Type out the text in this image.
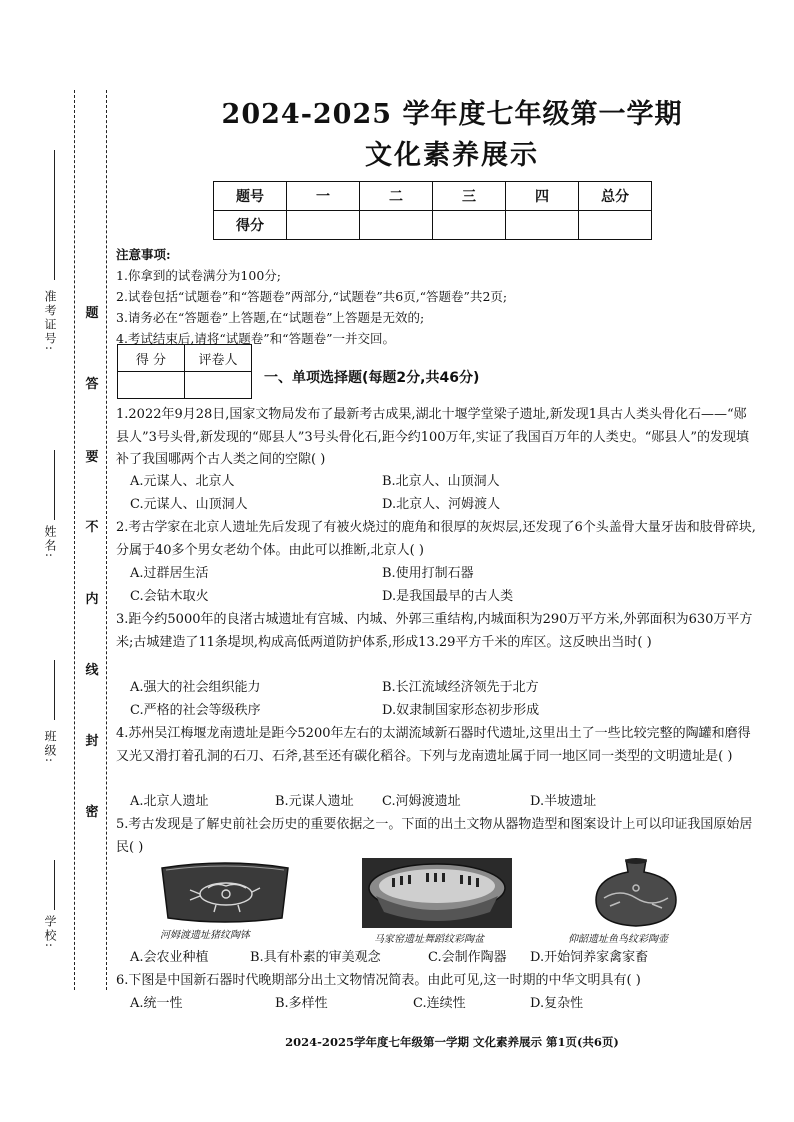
准考证号:
姓名:
班级:
学校:
题
答
要
不
内
线
封
密
2024-2025 学年度七年级第一学期
文化素养展示
题号	一	二	三	四	总分
得分					
注意事项:
1.你拿到的试卷满分为100分;
2.试卷包括“试题卷”和“答题卷”两部分,“试题卷”共6页,“答题卷”共2页;
3.请务必在“答题卷”上答题,在“试题卷”上答题是无效的;
4.考试结束后,请将“试题卷”和“答题卷”一并交回。
得 分	评卷人

一、单项选择题(每题2分,共46分)
1.2022年9月28日,国家文物局发布了最新考古成果,湖北十堰学堂梁子遗址,新发现1具古人类头骨化石——“郧县人”3号头骨,新发现的“郧县人”3号头骨化石,距今约100万年,实证了我国百万年的人类史。“郧县人”的发现填补了我国哪两个古人类之间的空隙( )
A.元谋人、北京人	B.北京人、山顶洞人
C.元谋人、山顶洞人	D.北京人、河姆渡人
2.考古学家在北京人遗址先后发现了有被火烧过的鹿角和很厚的灰烬层,还发现了6个头盖骨大量牙齿和肢骨碎块,分属于40多个男女老幼个体。由此可以推断,北京人( )
A.过群居生活	B.使用打制石器
C.会钻木取火	D.是我国最早的古人类
3.距今约5000年的良渚古城遗址有宫城、内城、外郭三重结构,内城面积为290万平方米,外郭面积为630万平方米;古城建造了11条堤坝,构成高低两道防护体系,形成13.29平方千米的库区。这反映出当时( )
A.强大的社会组织能力	B.长江流域经济领先于北方
C.严格的社会等级秩序	D.奴隶制国家形态初步形成
4.苏州吴江梅堰龙南遗址是距今5200年左右的太湖流域新石器时代遗址,这里出土了一些比较完整的陶罐和磨得又光又滑打着孔洞的石刀、石斧,甚至还有碳化稻谷。下列与龙南遗址属于同一地区同一类型的文明遗址是( )
A.北京人遗址	B.元谋人遗址 C.河姆渡遗址	D.半坡遗址
5.考古发现是了解史前社会历史的重要依据之一。下面的出土文物从器物造型和图案设计上可以印证我国原始居民( )
河姆渡遗址猪纹陶钵	马家窑遗址舞蹈纹彩陶盆	仰韶遗址鱼鸟纹彩陶壶
A.会农业种植	B.具有朴素的审美观念	C.会制作陶器 D.开始饲养家禽家畜
6.下图是中国新石器时代晚期部分出土文物情况简表。由此可见,这一时期的中华文明具有( )
A.统一性	B.多样性	C.连续性	D.复杂性
2024-2025学年度七年级第一学期 文化素养展示 第1页(共6页)
